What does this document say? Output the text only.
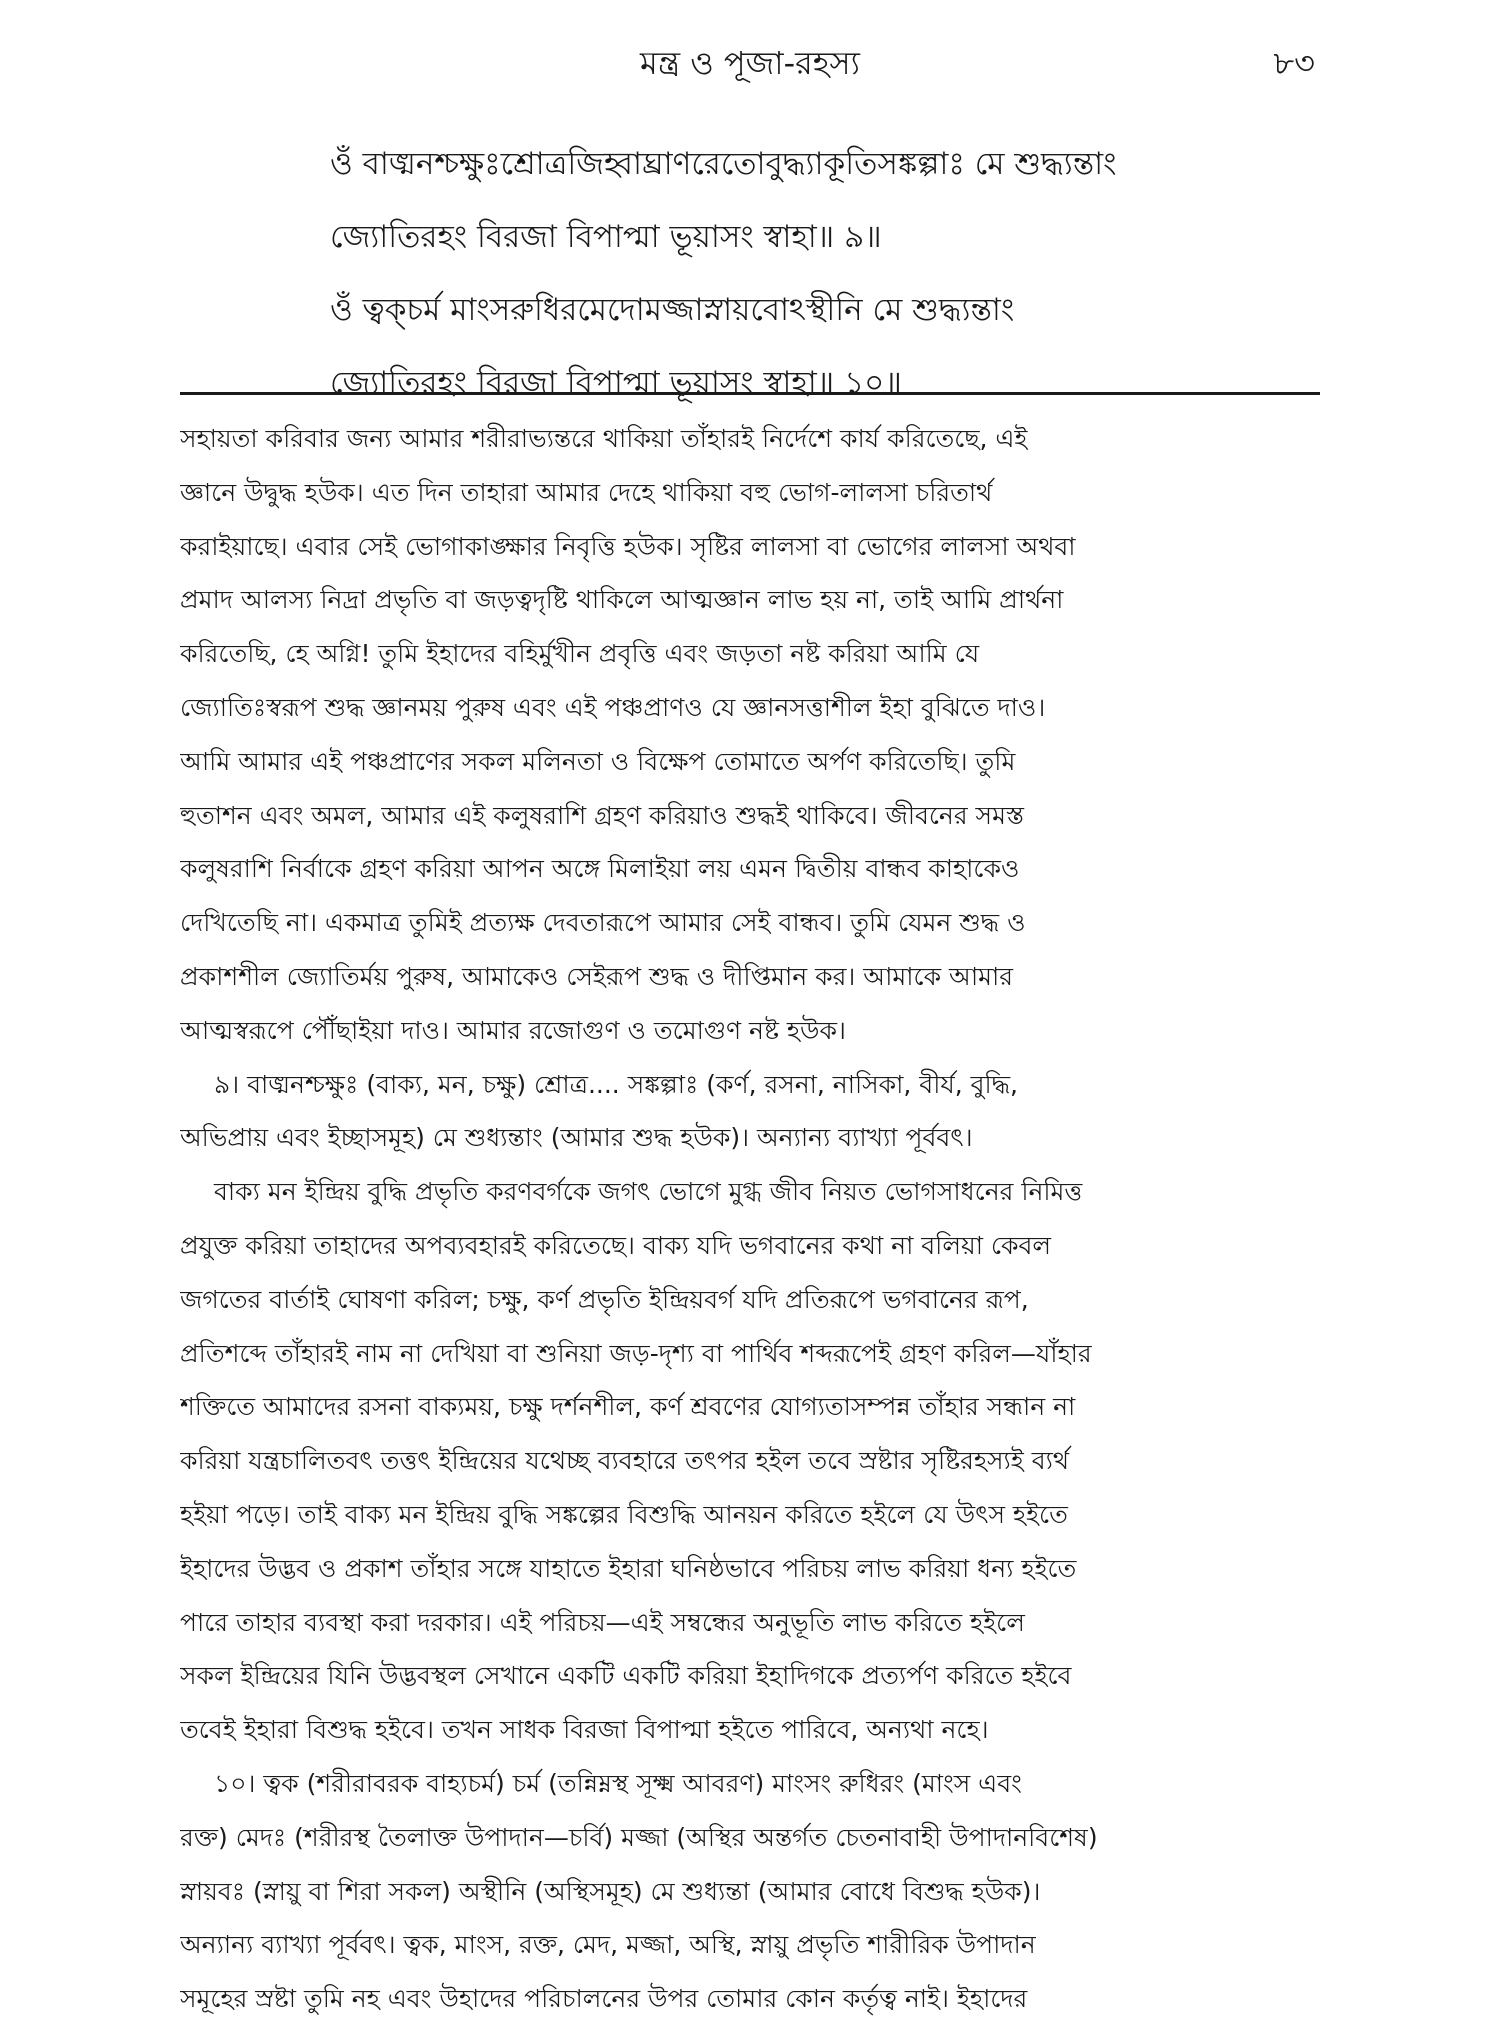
মন্ত্র ও পূজা-রহস্য	৮৩
ওঁ বাঙ্মনশ্চক্ষুঃশ্রোত্রজিহ্বাঘ্রাণরেতোবুদ্ধ্যাকূতিসঙ্কল্পাঃ মে শুদ্ধ্যন্তাং
জ্যোতিরহং বিরজা বিপাপ্মা ভূয়াসং স্বাহা॥ ৯॥
ওঁ ত্বক্‌চর্ম মাংসরুধিরমেদোমজ্জাস্নায়বোঽস্থীনি মে শুদ্ধ্যন্তাং
জ্যোতিরহং বিরজা বিপাপ্মা ভূয়াসং স্বাহা॥ ১০॥
সহায়তা করিবার জন্য আমার শরীরাভ্যন্তরে থাকিয়া তাঁহারই নির্দেশে কার্য করিতেছে, এই
জ্ঞানে উদ্বুদ্ধ হউক। এত দিন তাহারা আমার দেহে থাকিয়া বহু ভোগ-লালসা চরিতার্থ
করাইয়াছে। এবার সেই ভোগাকাঙ্ক্ষার নিবৃত্তি হউক। সৃষ্টির লালসা বা ভোগের লালসা অথবা
প্রমাদ আলস্য নিদ্রা প্রভৃতি বা জড়ত্বদৃষ্টি থাকিলে আত্মজ্ঞান লাভ হয় না, তাই আমি প্রার্থনা
করিতেছি, হে অগ্নি! তুমি ইহাদের বহির্মুখীন প্রবৃত্তি এবং জড়তা নষ্ট করিয়া আমি যে
জ্যোতিঃস্বরূপ শুদ্ধ জ্ঞানময় পুরুষ এবং এই পঞ্চপ্রাণও যে জ্ঞানসত্তাশীল ইহা বুঝিতে দাও।
আমি আমার এই পঞ্চপ্রাণের সকল মলিনতা ও বিক্ষেপ তোমাতে অর্পণ করিতেছি। তুমি
হুতাশন এবং অমল, আমার এই কলুষরাশি গ্রহণ করিয়াও শুদ্ধই থাকিবে। জীবনের সমস্ত
কলুষরাশি নির্বাকে গ্রহণ করিয়া আপন অঙ্গে মিলাইয়া লয় এমন দ্বিতীয় বান্ধব কাহাকেও
দেখিতেছি না। একমাত্র তুমিই প্রত্যক্ষ দেবতারূপে আমার সেই বান্ধব। তুমি যেমন শুদ্ধ ও
প্রকাশশীল জ্যোতির্ময় পুরুষ, আমাকেও সেইরূপ শুদ্ধ ও দীপ্তিমান কর। আমাকে আমার
আত্মস্বরূপে পৌঁছাইয়া দাও। আমার রজোগুণ ও তমোগুণ নষ্ট হউক।
৯। বাঙ্মনশ্চক্ষুঃ (বাক্য, মন, চক্ষু) শ্রোত্র.... সঙ্কল্পাঃ (কর্ণ, রসনা, নাসিকা, বীর্য, বুদ্ধি,
অভিপ্রায় এবং ইচ্ছাসমূহ) মে শুধ্যন্তাং (আমার শুদ্ধ হউক)। অন্যান্য ব্যাখ্যা পূর্ববৎ।
বাক্য মন ইন্দ্রিয় বুদ্ধি প্রভৃতি করণবর্গকে জগৎ ভোগে মুগ্ধ জীব নিয়ত ভোগসাধনের নিমিত্ত
প্রযুক্ত করিয়া তাহাদের অপব্যবহারই করিতেছে। বাক্য যদি ভগবানের কথা না বলিয়া কেবল
জগতের বার্তাই ঘোষণা করিল; চক্ষু, কর্ণ প্রভৃতি ইন্দ্রিয়বর্গ যদি প্রতিরূপে ভগবানের রূপ,
প্রতিশব্দে তাঁহারই নাম না দেখিয়া বা শুনিয়া জড়-দৃশ্য বা পার্থিব শব্দরূপেই গ্রহণ করিল—যাঁহার
শক্তিতে আমাদের রসনা বাক্যময়, চক্ষু দর্শনশীল, কর্ণ শ্রবণের যোগ্যতাসম্পন্ন তাঁহার সন্ধান না
করিয়া যন্ত্রচালিতবৎ তত্তৎ ইন্দ্রিয়ের যথেচ্ছ ব্যবহারে তৎপর হইল তবে স্রষ্টার সৃষ্টিরহস্যই ব্যর্থ
হইয়া পড়ে। তাই বাক্য মন ইন্দ্রিয় বুদ্ধি সঙ্কল্পের বিশুদ্ধি আনয়ন করিতে হইলে যে উৎস হইতে
ইহাদের উদ্ভব ও প্রকাশ তাঁহার সঙ্গে যাহাতে ইহারা ঘনিষ্ঠভাবে পরিচয় লাভ করিয়া ধন্য হইতে
পারে তাহার ব্যবস্থা করা দরকার। এই পরিচয়—এই সম্বন্ধের অনুভূতি লাভ করিতে হইলে
সকল ইন্দ্রিয়ের যিনি উদ্ভবস্থল সেখানে একটি একটি করিয়া ইহাদিগকে প্রত্যর্পণ করিতে হইবে
তবেই ইহারা বিশুদ্ধ হইবে। তখন সাধক বিরজা বিপাপ্মা হইতে পারিবে, অন্যথা নহে।
১০। ত্বক (শরীরাবরক বাহ্যচর্ম) চর্ম (তন্নিম্নস্থ সূক্ষ্ম আবরণ) মাংসং রুধিরং (মাংস এবং
রক্ত) মেদঃ (শরীরস্থ তৈলাক্ত উপাদান—চর্বি) মজ্জা (অস্থির অন্তর্গত চেতনাবাহী উপাদানবিশেষ)
স্নায়বঃ (স্নায়ু বা শিরা সকল) অস্থীনি (অস্থিসমূহ) মে শুধ্যন্তা (আমার বোধে বিশুদ্ধ হউক)।
অন্যান্য ব্যাখ্যা পূর্ববৎ। ত্বক, মাংস, রক্ত, মেদ, মজ্জা, অস্থি, স্নায়ু প্রভৃতি শারীরিক উপাদান
সমূহের স্রষ্টা তুমি নহ এবং উহাদের পরিচালনের উপর তোমার কোন কর্তৃত্ব নাই। ইহাদের
